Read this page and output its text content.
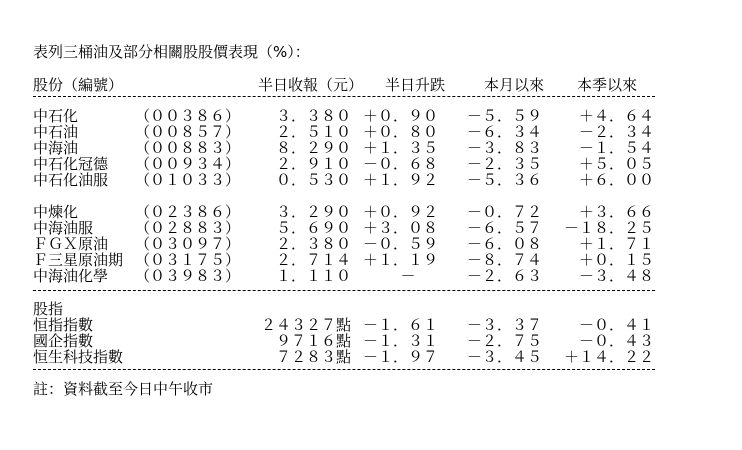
表列三桶油及部分相關股股價表現（%）：
股份（編號）	半日收報（元） 半日升跌	本月以來 本季以來
中石化	（００３８６） ３．３８０ ＋０．９０ －５．５９ ＋４．６４
中石油	（００８５７） ２．５１０ ＋０．８０ －６．３４ －２．３４
中海油	（００８８３） ８．２９０ ＋１．３５ －３．８３ －１．５４
中石化冠德 （００９３４） ２．９１０ －０．６８ －２．３５ ＋５．０５
中石化油服 （０１０３３） ０．５３０ ＋１．９２ －５．３６ ＋６．００
中煉化	（０２３８６） ３．２９０ ＋０．９２ －０．７２ ＋３．６６
中海油服	（０２８８３） ５．６９０ ＋３．０８ －６．５７ －１８．２５
ＦＧＸ原油 （０３０９７） ２．３８０ －０．５９ －６．０８ ＋１．７１
Ｆ三星原油期 （０３１７５） ２．７１４ ＋１．１９ －８．７４ ＋０．１５
中海油化學 （０３９８３） １．１１０	－	－２．６３ －３．４８
股指
恒指指數	２４３２７點 －１．６１ －３．３７ －０．４１
國企指數	９７１６點 －１．３１ －２．７５ －０．４３
恒生科技指數	７２８３點 －１．９７ －３．４５ ＋１４．２２
註：資料截至今日中午收市
